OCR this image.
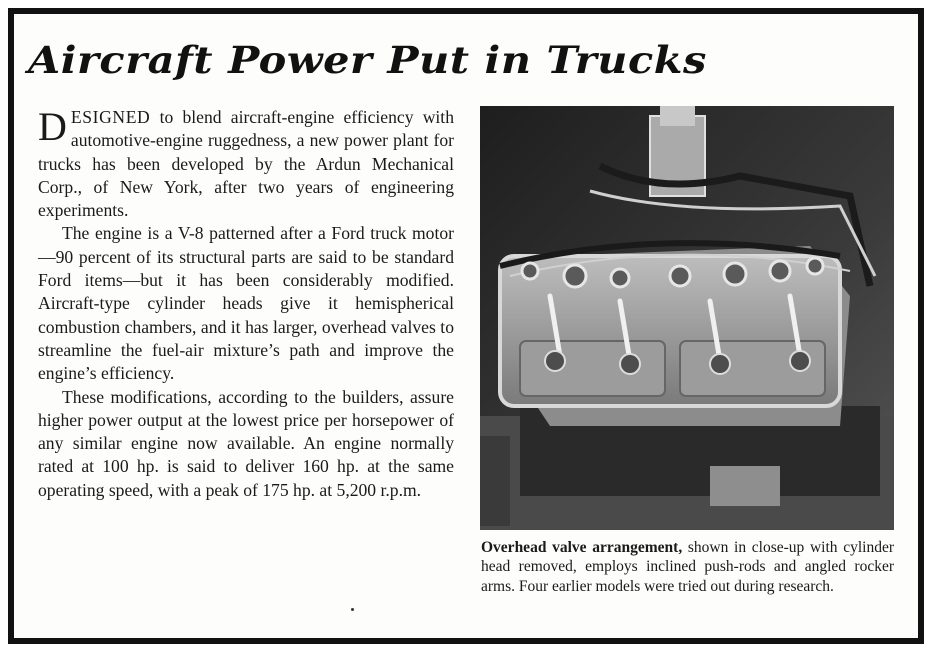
Aircraft Power Put in Trucks

DESIGNED to blend aircraft-engine efficiency with automotive-engine ruggedness, a new power plant for trucks has been developed by the Ardun Mechanical Corp., of New York, after two years of engineering experiments.

The engine is a V-8 patterned after a Ford truck motor—90 percent of its structural parts are said to be standard Ford items—but it has been considerably modified. Aircraft-type cylinder heads give it hemispherical combustion chambers, and it has larger, overhead valves to streamline the fuel-air mixture’s path and improve the engine’s efficiency.

These modifications, according to the builders, assure higher power output at the lowest price per horsepower of any similar engine now available. An engine normally rated at 100 hp. is said to deliver 160 hp. at the same operating speed, with a peak of 175 hp. at 5,200 r.p.m.

Overhead valve arrangement, shown in close-up with cylinder head removed, employs inclined push-rods and angled rocker arms. Four earlier models were tried out during research.
